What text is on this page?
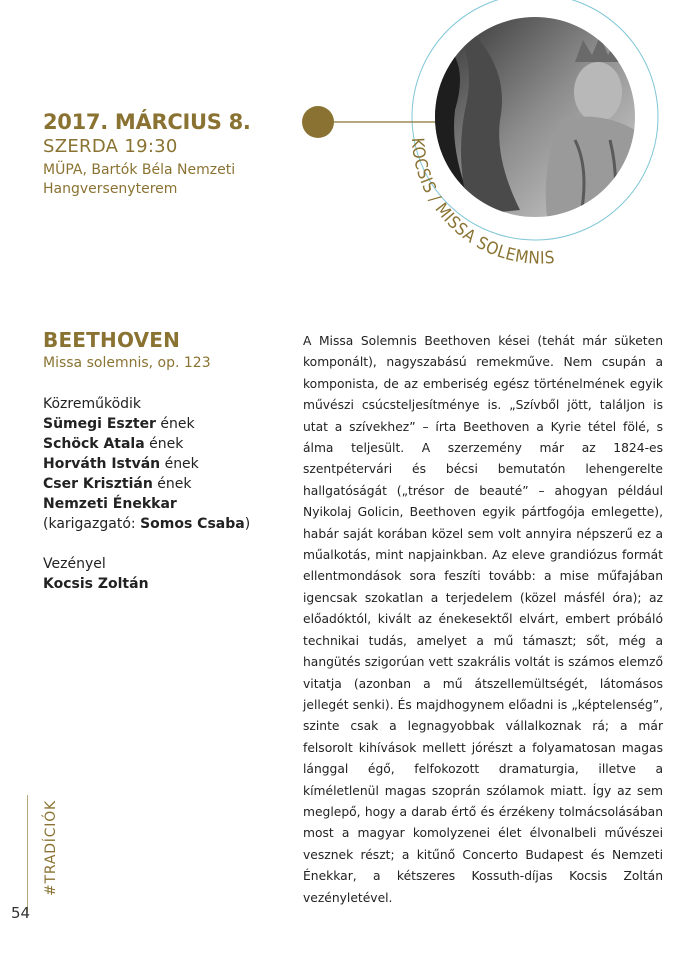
KOCSIS / MISSA SOLEMNIS
2017. MÁRCIUS 8.
SZERDA 19:30
MÜPA, Bartók Béla Nemzeti Hangversenyterem
BEETHOVEN
Missa solemnis, op. 123
Közreműködik
Sümegi Eszter ének
Schöck Atala ének
Horváth István ének
Cser Krisztián ének
Nemzeti Énekkar
(karigazgató: Somos Csaba)
Vezényel
Kocsis Zoltán
A Missa Solemnis Beethoven kései (tehát már süketen komponált), nagyszabású remekműve. Nem csupán a komponista, de az emberiség egész történelmének egyik művészi csúcsteljesítménye is. „Szívből jött, találjon is utat a szívekhez” – írta Beethoven a Kyrie tétel fölé, s álma teljesült. A szerzemény már az 1824-es szentpétervári és bécsi bemutatón lehengerelte hallgatóságát („trésor de beauté” – ahogyan például Nyikolaj Golicin, Beethoven egyik pártfogója emlegette), habár saját korában közel sem volt annyira népszerű ez a műalkotás, mint napjainkban. Az eleve grandiózus formát ellentmondások sora feszíti tovább: a mise műfajában igencsak szokatlan a terjedelem (közel másfél óra); az előadóktól, kivált az énekesektől elvárt, embert próbáló technikai tudás, amelyet a mű támaszt; sőt, még a hangütés szigorúan vett szakrális voltát is számos elemző vitatja (azonban a mű átszellemültségét, látomásos jellegét senki). És majdhogynem előadni is „képtelenség”, szinte csak a legnagyobbak vállalkoznak rá; a már felsorolt kihívások mellett jórészt a folyamatosan magas lánggal égő, felfokozott dramaturgia, illetve a kíméletlenül magas szoprán szólamok miatt. Így az sem meglepő, hogy a darab értő és érzékeny tolmácsolásában most a magyar komolyzenei élet élvonalbeli művészei vesznek részt; a kitűnő Concerto Budapest és Nemzeti Énekkar, a kétszeres Kossuth-díjas Kocsis Zoltán vezényletével.
#TRADÍCIÓK
54
